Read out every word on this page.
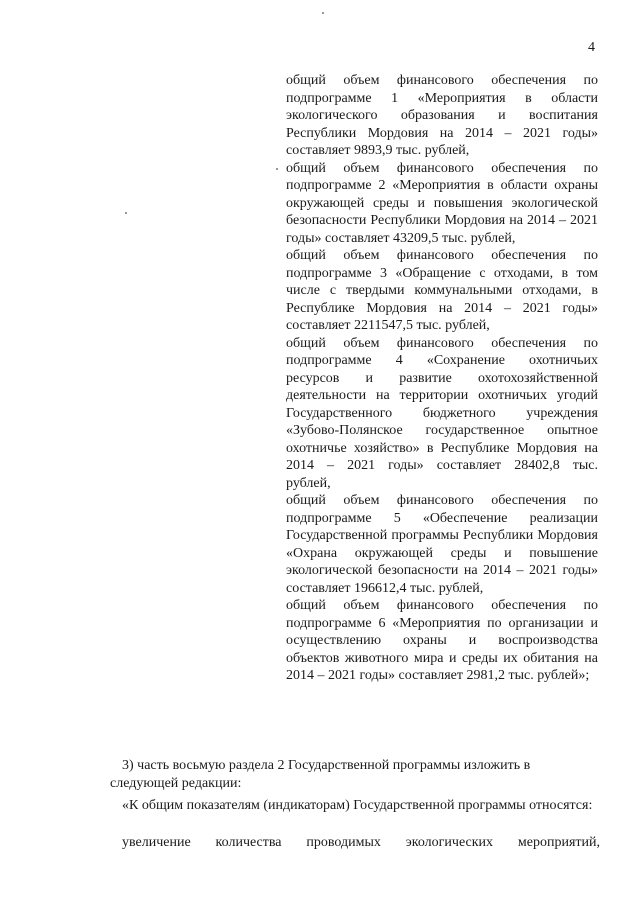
4

общий объем финансового обеспечения по подпрограмме 1 «Мероприятия в области экологического образования и воспитания Республики Мордовия на 2014 – 2021 годы» составляет 9893,9 тыс. рублей,

общий объем финансового обеспечения по подпрограмме 2 «Мероприятия в области охраны окружающей среды и повышения экологической безопасности Республики Мордовия на 2014 – 2021 годы» составляет 43209,5 тыс. рублей,

общий объем финансового обеспечения по подпрограмме 3 «Обращение с отходами, в том числе с твердыми коммунальными отходами, в Республике Мордовия на 2014 – 2021 годы» составляет 2211547,5 тыс. рублей,

общий объем финансового обеспечения по подпрограмме 4 «Сохранение охотничьих ресурсов и развитие охотохозяйственной деятельности на территории охотничьих угодий Государственного бюджетного учреждения «Зубово-Полянское государственное опытное охотничье хозяйство» в Республике Мордовия на 2014 – 2021 годы» составляет 28402,8 тыс. рублей,

общий объем финансового обеспечения по подпрограмме 5 «Обеспечение реализации Государственной программы Республики Мордовия «Охрана окружающей среды и повышение экологической безопасности на 2014 – 2021 годы» составляет 196612,4 тыс. рублей,

общий объем финансового обеспечения по подпрограмме 6 «Мероприятия по организации и осуществлению охраны и воспроизводства объектов животного мира и среды их обитания на 2014 – 2021 годы» составляет 2981,2 тыс. рублей»;

3) часть восьмую раздела 2 Государственной программы изложить в следующей редакции:

«К общим показателям (индикаторам) Государственной программы относятся:

увеличение количества проводимых экологических мероприятий,
